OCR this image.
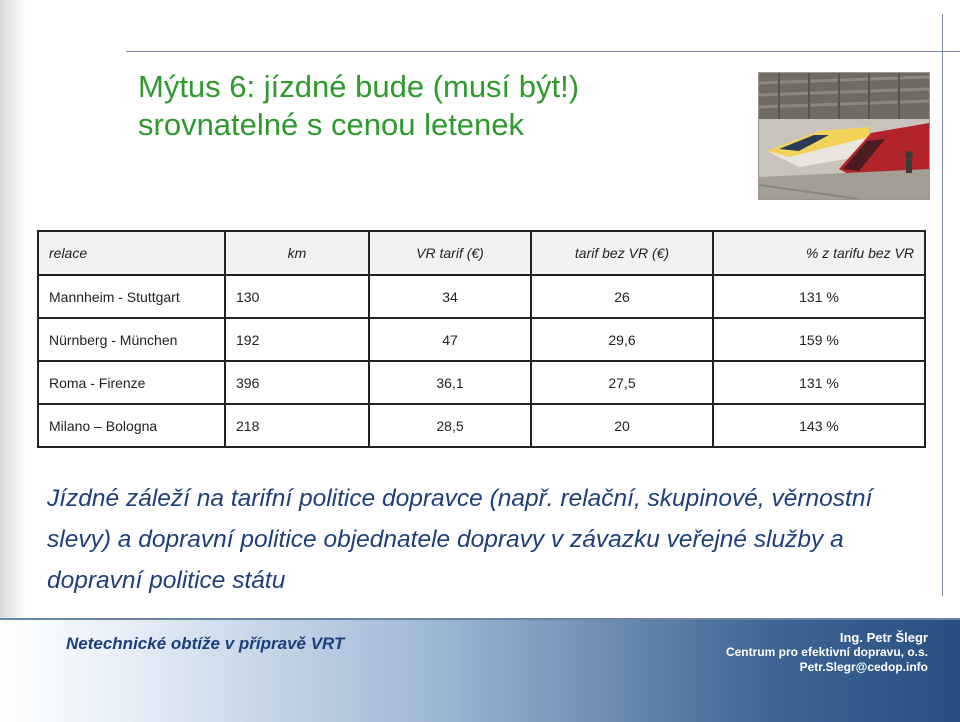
Mýtus 6: jízdné bude (musí být!)
srovnatelné s cenou letenek
relace	km	VR tarif (€)	tarif bez VR (€)	% z tarifu bez VR
Mannheim - Stuttgart	130	34	26	131 %
Nürnberg - München	192	47	29,6	159 %
Roma - Firenze	396	36,1	27,5	131 %
Milano – Bologna	218	28,5	20	143 %

Jízdné záleží na tarifní politice dopravce (např. relační, skupinové, věrnostní slevy) a dopravní politice objednatele dopravy v závazku veřejné služby a dopravní politice státu

Netechnické obtíže v přípravě VRT	Ing. Petr Šlegr
Centrum pro efektivní dopravu, o.s.
Petr.Slegr@cedop.info
